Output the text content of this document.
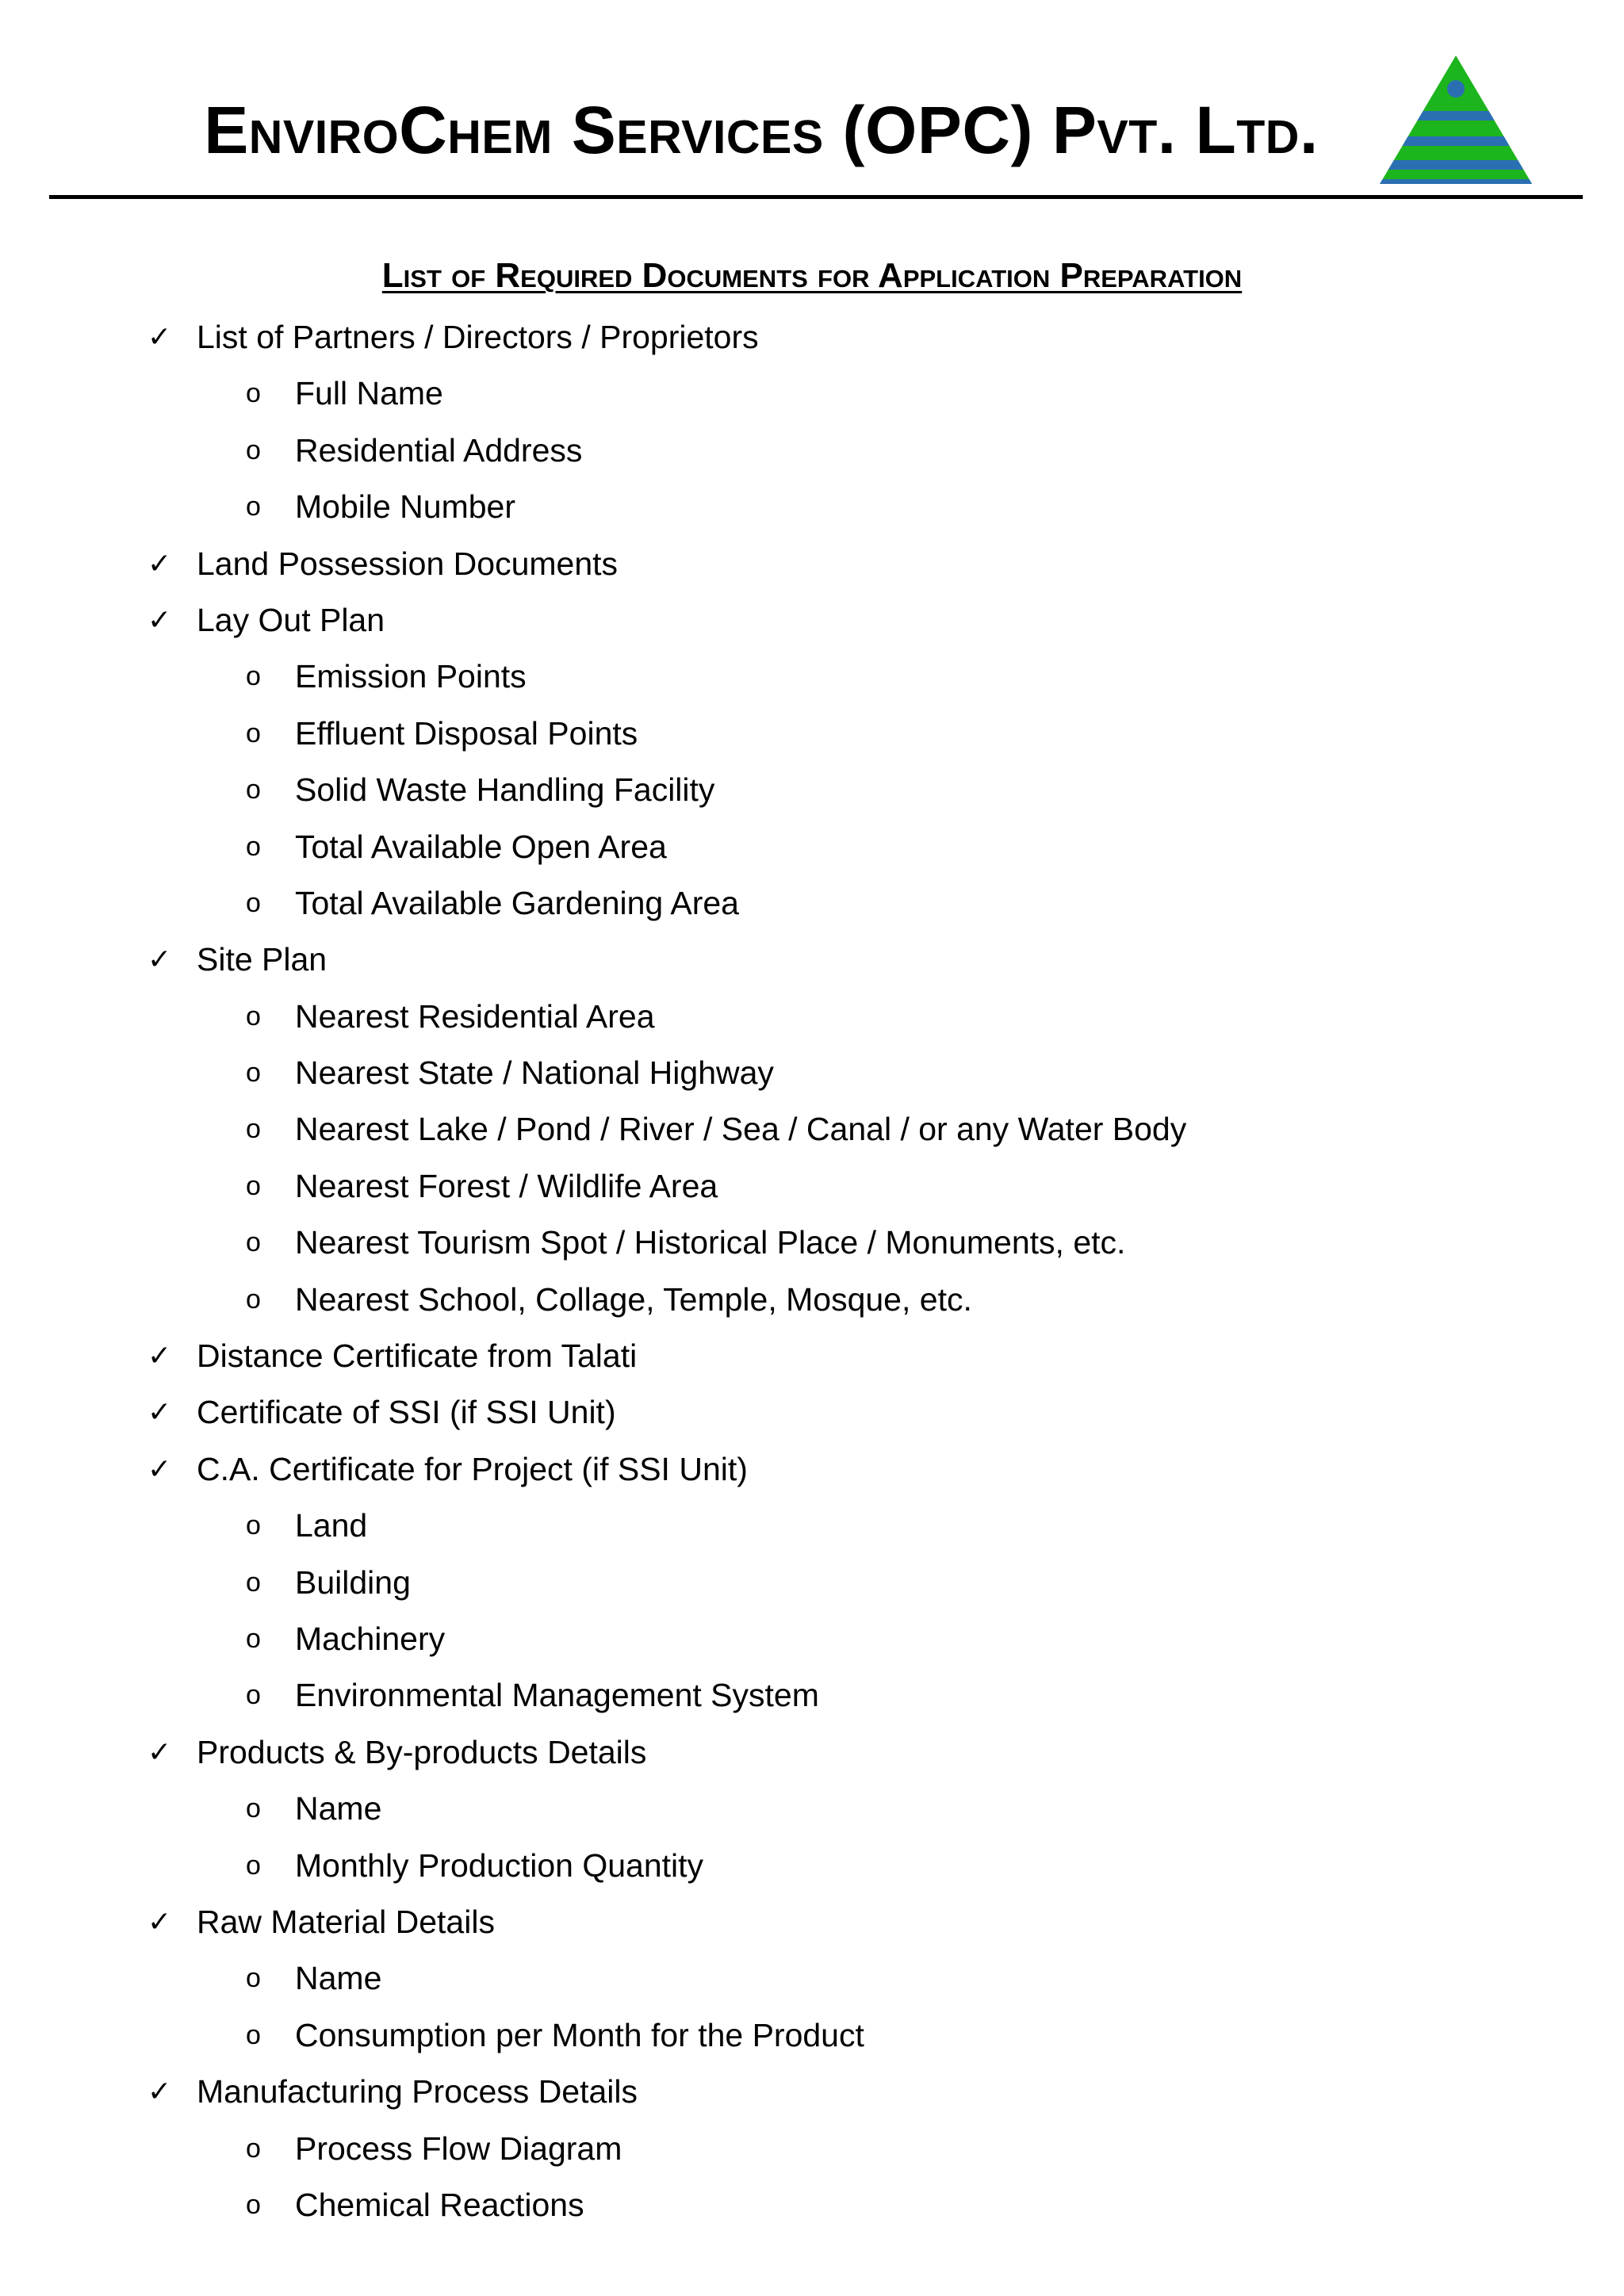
EnviroChem Services (OPC) Pvt. Ltd.
List of Required Documents for Application Preparation
✓ List of Partners / Directors / Proprietors
o Full Name
o Residential Address
o Mobile Number
✓ Land Possession Documents
✓ Lay Out Plan
o Emission Points
o Effluent Disposal Points
o Solid Waste Handling Facility
o Total Available Open Area
o Total Available Gardening Area
✓ Site Plan
o Nearest Residential Area
o Nearest State / National Highway
o Nearest Lake / Pond / River / Sea / Canal / or any Water Body
o Nearest Forest / Wildlife Area
o Nearest Tourism Spot / Historical Place / Monuments, etc.
o Nearest School, Collage, Temple, Mosque, etc.
✓ Distance Certificate from Talati
✓ Certificate of SSI (if SSI Unit)
✓ C.A. Certificate for Project (if SSI Unit)
o Land
o Building
o Machinery
o Environmental Management System
✓ Products & By-products Details
o Name
o Monthly Production Quantity
✓ Raw Material Details
o Name
o Consumption per Month for the Product
✓ Manufacturing Process Details
o Process Flow Diagram
o Chemical Reactions
